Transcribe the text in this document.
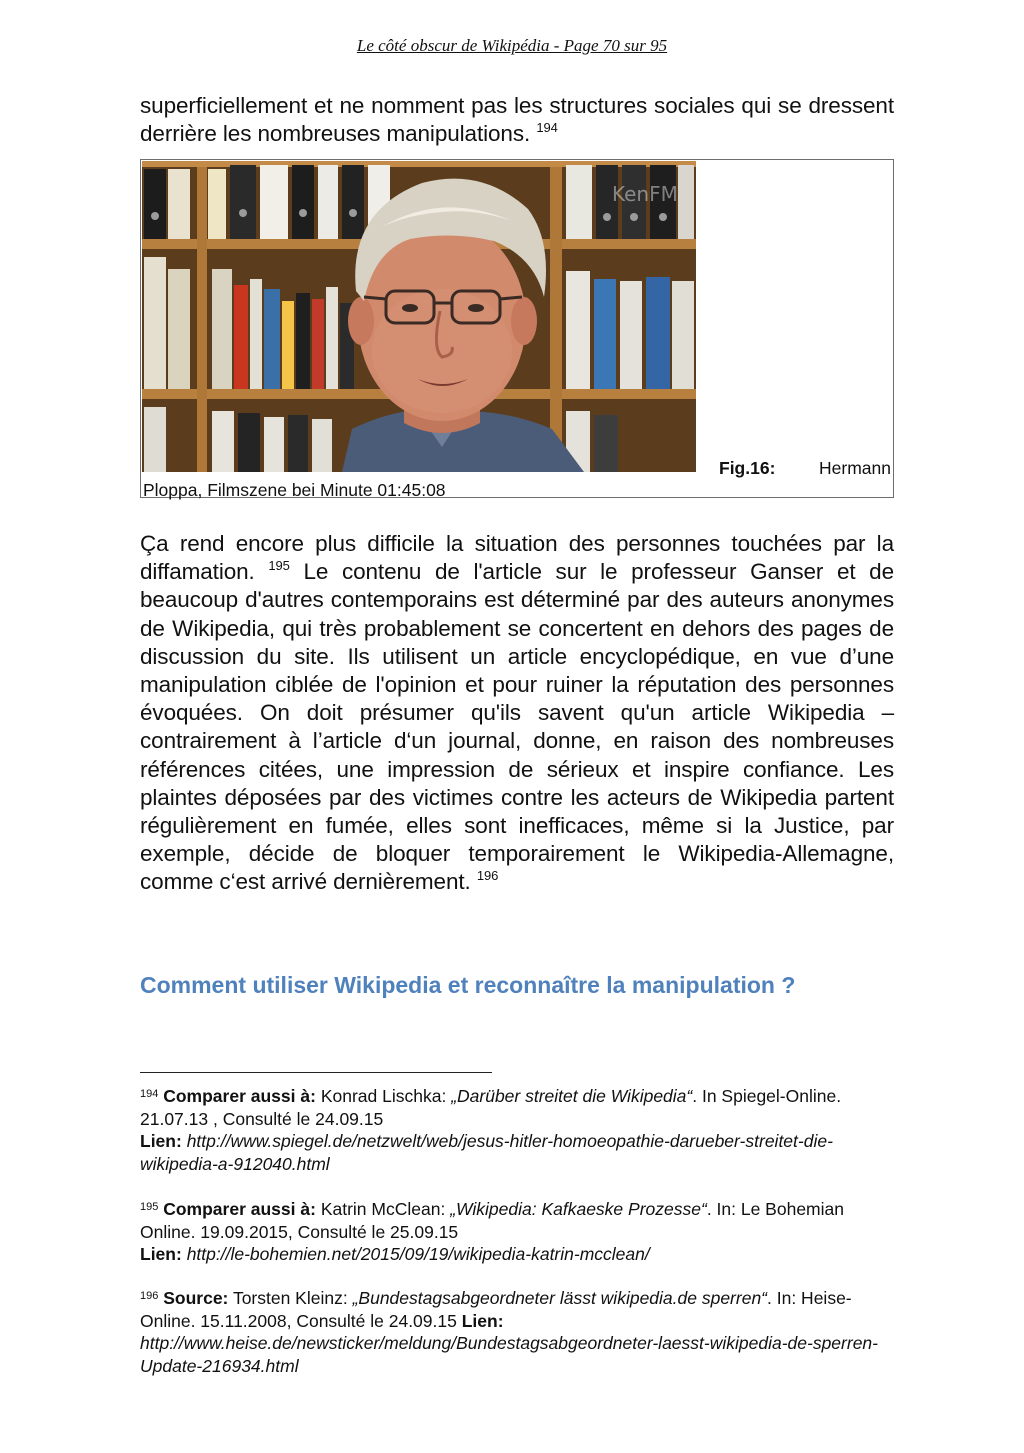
Le côté obscur de Wikipédia - Page 70 sur 95

superficiellement et ne nomment pas les structures sociales qui se dressent derrière les nombreuses manipulations. $^{194}$

KenFM
Fig.16: Hermann
Ploppa, Filmszene bei Minute 01:45:08

Ça rend encore plus difficile la situation des personnes touchées par la diffamation. $^{195}$ Le contenu de l'article sur le professeur Ganser et de beaucoup d'autres contemporains est déterminé par des auteurs anonymes de Wikipedia, qui très probablement se concertent en dehors des pages de discussion du site. Ils utilisent un article encyclopédique, en vue d’une manipulation ciblée de l'opinion et pour ruiner la réputation des personnes évoquées. On doit présumer qu'ils savent qu'un article Wikipedia – contrairement à l’article d‘un journal, donne, en raison des nombreuses références citées, une impression de sérieux et inspire confiance. Les plaintes déposées par des victimes contre les acteurs de Wikipedia partent régulièrement en fumée, elles sont inefficaces, même si la Justice, par exemple, décide de bloquer temporairement le Wikipedia-Allemagne, comme c‘est arrivé dernièrement. $^{196}$

Comment utiliser Wikipedia et reconnaître la manipulation ?

$^{194}$ Comparer aussi à: Konrad Lischka: „Darüber streitet die Wikipedia“. In Spiegel-Online. 21.07.13 , Consulté le 24.09.15
Lien: http://www.spiegel.de/netzwelt/web/jesus-hitler-homoeopathie-darueber-streitet-die-wikipedia-a-912040.html

$^{195}$ Comparer aussi à: Katrin McClean: „Wikipedia: Kafkaeske Prozesse“. In: Le Bohemian Online. 19.09.2015, Consulté le 25.09.15
Lien: http://le-bohemien.net/2015/09/19/wikipedia-katrin-mcclean/

$^{196}$ Source: Torsten Kleinz: „Bundestagsabgeordneter lässt wikipedia.de sperren“. In: Heise-Online. 15.11.2008, Consulté le 24.09.15 Lien: http://www.heise.de/newsticker/meldung/Bundestagsabgeordneter-laesst-wikipedia-de-sperren-Update-216934.html
